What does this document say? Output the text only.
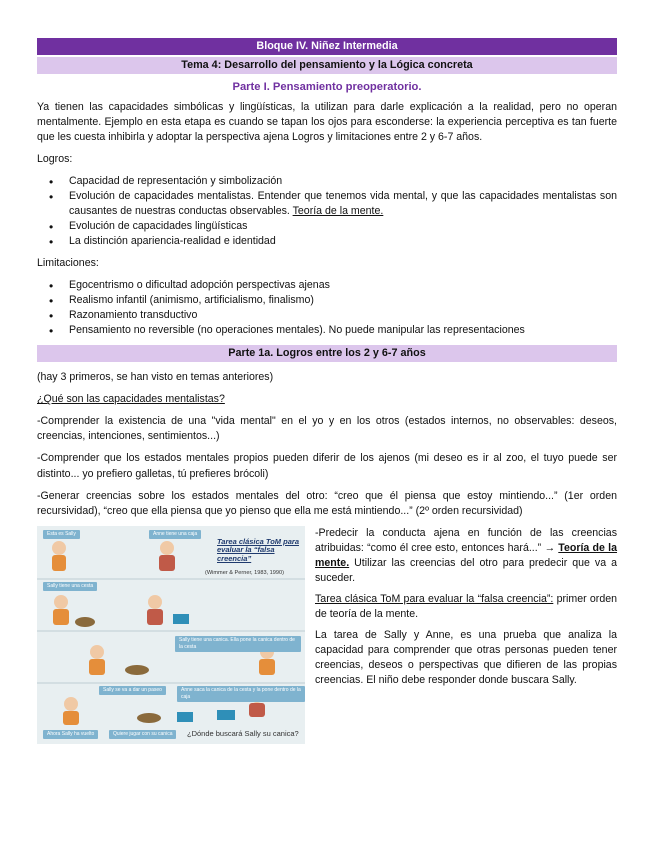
Bloque IV. Niñez Intermedia
Tema 4: Desarrollo del pensamiento y la Lógica concreta
Parte I. Pensamiento preoperatorio.

Ya tienen las capacidades simbólicas y lingüísticas, la utilizan para darle explicación a la realidad, pero no operan mentalmente. Ejemplo en esta etapa es cuando se tapan los ojos para esconderse: la experiencia perceptiva es tan fuerte que les cuesta inhibirla y adoptar la perspectiva ajena Logros y limitaciones entre 2 y 6-7 años.

Logros:

• Capacidad de representación y simbolización
• Evolución de capacidades mentalistas. Entender que tenemos vida mental, y que las capacidades mentalistas son causantes de nuestras conductas observables. Teoría de la mente.
• Evolución de capacidades lingüísticas
• La distinción apariencia-realidad e identidad

Limitaciones:

• Egocentrismo o dificultad adopción perspectivas ajenas
• Realismo infantil (animismo, artificialismo, finalismo)
• Razonamiento transductivo
• Pensamiento no reversible (no operaciones mentales). No puede manipular las representaciones
Parte 1a. Logros entre los 2 y 6-7 años

(hay 3 primeros, se han visto en temas anteriores)

¿Qué son las capacidades mentalistas?

-Comprender la existencia de una "vida mental" en el yo y en los otros (estados internos, no observables: deseos, creencias, intenciones, sentimientos...)

-Comprender que los estados mentales propios pueden diferir de los ajenos (mi deseo es ir al zoo, el tuyo puede ser distinto... yo prefiero galletas, tú prefieres brócoli)

-Generar creencias sobre los estados mentales del otro: “creo que él piensa que estoy mintiendo...” (1er orden recursividad), “creo que ella piensa que yo pienso que ella me está mintiendo...” (2º orden recursividad)

Tarea clásica ToM para evaluar la “falsa creencia”
(Wimmer & Perner, 1983, 1990)
Esta es Sally	Anne tiene una caja
Sally tiene una cesta
Sally tiene una canica. Ella pone la canica dentro de la cesta
Sally se va a dar un paseo	Anne saca la canica de la cesta y la pone dentro de la caja
Ahora Sally ha vuelto	Quiere jugar con su canica	¿Dónde buscará Sally su canica?

-Predecir la conducta ajena en función de las creencias atribuidas: “como él cree esto, entonces hará...” → Teoría de la mente. Utilizar las creencias del otro para predecir que va a suceder.

Tarea clásica ToM para evaluar la “falsa creencia”: primer orden de teoría de la mente.

La tarea de Sally y Anne, es una prueba que analiza la capacidad para comprender que otras personas pueden tener creencias, deseos o perspectivas que difieren de las propias creencias. El niño debe responder donde buscara Sally.
